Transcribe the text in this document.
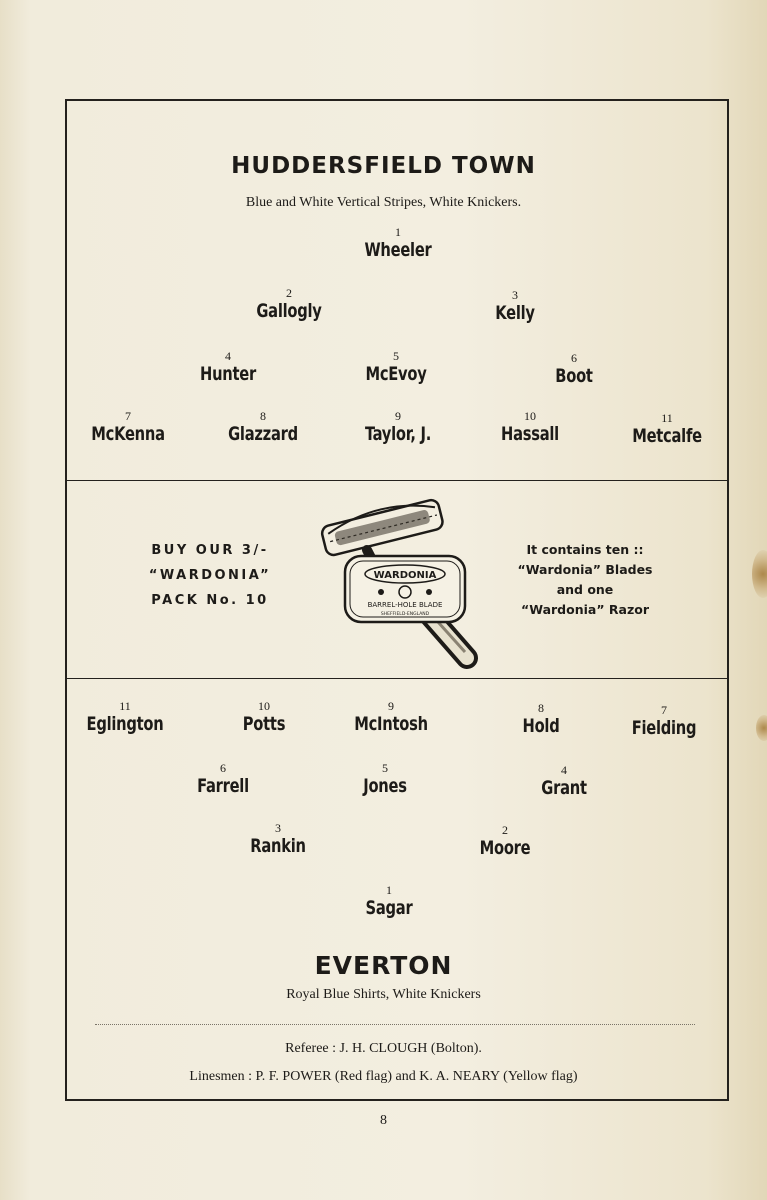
HUDDERSFIELD TOWN
Blue and White Vertical Stripes, White Knickers.
1
Wheeler
2
Gallogly
3
Kelly
4
Hunter
5
McEvoy
6
Boot
7
McKenna
8
Glazzard
9
Taylor, J.
10
Hassall
11
Metcalfe
BUY OUR 3/-
“WARDONIA”
PACK No. 10
WARDONIA
BARREL-HOLE BLADE
SHEFFIELD-ENGLAND
It contains ten ::
“Wardonia” Blades
and one
“Wardonia” Razor
11
Eglington
10
Potts
9
McIntosh
8
Hold
7
Fielding
6
Farrell
5
Jones
4
Grant
3
Rankin
2
Moore
1
Sagar
EVERTON
Royal Blue Shirts, White Knickers
Referee : J. H. CLOUGH (Bolton).
Linesmen : P. F. POWER (Red flag) and K. A. NEARY (Yellow flag)
8
